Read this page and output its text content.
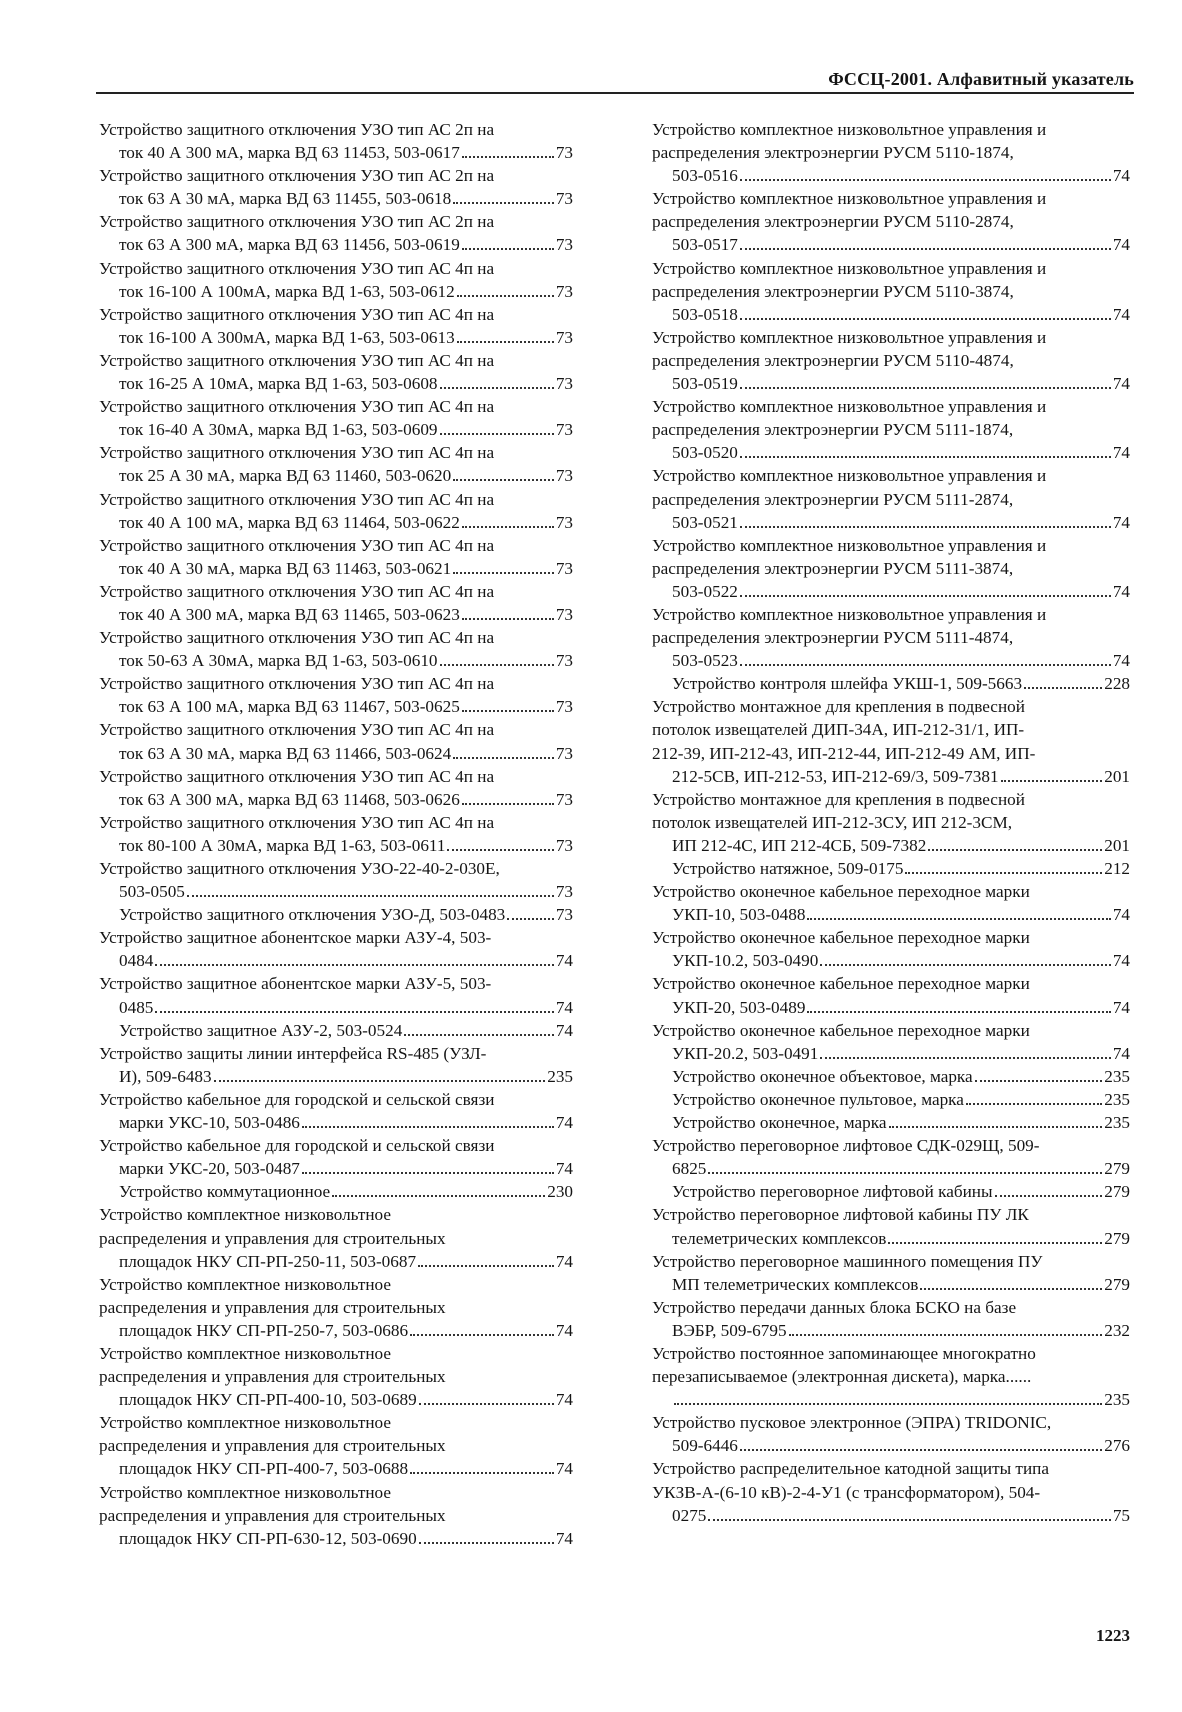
ФССЦ-2001. Алфавитный указатель
Устройство защитного отключения УЗО тип АС 2п на
ток 40 А 300 мА, марка ВД 63 11453, 503-0617	73
Устройство защитного отключения УЗО тип АС 2п на
ток 63 А 30 мА, марка ВД 63 11455, 503-0618	73
Устройство защитного отключения УЗО тип АС 2п на
ток 63 А 300 мА, марка ВД 63 11456, 503-0619	73
Устройство защитного отключения УЗО тип АС 4п на
ток 16-100 А 100мА, марка ВД 1-63, 503-0612	73
Устройство защитного отключения УЗО тип АС 4п на
ток 16-100 А 300мА, марка ВД 1-63, 503-0613	73
Устройство защитного отключения УЗО тип АС 4п на
ток 16-25 А 10мА, марка ВД 1-63, 503-0608	73
Устройство защитного отключения УЗО тип АС 4п на
ток 16-40 А 30мА, марка ВД 1-63, 503-0609	73
Устройство защитного отключения УЗО тип АС 4п на
ток 25 А 30 мА, марка ВД 63 11460, 503-0620	73
Устройство защитного отключения УЗО тип АС 4п на
ток 40 А 100 мА, марка ВД 63 11464, 503-0622	73
Устройство защитного отключения УЗО тип АС 4п на
ток 40 А 30 мА, марка ВД 63 11463, 503-0621	73
Устройство защитного отключения УЗО тип АС 4п на
ток 40 А 300 мА, марка ВД 63 11465, 503-0623	73
Устройство защитного отключения УЗО тип АС 4п на
ток 50-63 А 30мА, марка ВД 1-63, 503-0610	73
Устройство защитного отключения УЗО тип АС 4п на
ток 63 А 100 мА, марка ВД 63 11467, 503-0625	73
Устройство защитного отключения УЗО тип АС 4п на
ток 63 А 30 мА, марка ВД 63 11466, 503-0624	73
Устройство защитного отключения УЗО тип АС 4п на
ток 63 А 300 мА, марка ВД 63 11468, 503-0626	73
Устройство защитного отключения УЗО тип АС 4п на
ток 80-100 А 30мА, марка ВД 1-63, 503-0611	73
Устройство защитного отключения УЗО-22-40-2-030Е,
503-0505	73
Устройство защитного отключения УЗО-Д, 503-0483	73
Устройство защитное абонентское марки АЗУ-4, 503-
0484	74
Устройство защитное абонентское марки АЗУ-5, 503-
0485	74
Устройство защитное АЗУ-2, 503-0524	74
Устройство защиты линии интерфейса RS-485 (УЗЛ-
И), 509-6483	235
Устройство кабельное для городской и сельской связи
марки УКС-10, 503-0486	74
Устройство кабельное для городской и сельской связи
марки УКС-20, 503-0487	74
Устройство коммутационное	230
Устройство комплектное низковольтное
распределения и управления для строительных
площадок НКУ СП-РП-250-11, 503-0687	74
Устройство комплектное низковольтное
распределения и управления для строительных
площадок НКУ СП-РП-250-7, 503-0686	74
Устройство комплектное низковольтное
распределения и управления для строительных
площадок НКУ СП-РП-400-10, 503-0689	74
Устройство комплектное низковольтное
распределения и управления для строительных
площадок НКУ СП-РП-400-7, 503-0688	74
Устройство комплектное низковольтное
распределения и управления для строительных
площадок НКУ СП-РП-630-12, 503-0690	74
Устройство комплектное низковольтное управления и
распределения электроэнергии РУСМ 5110-1874,
503-0516	74
Устройство комплектное низковольтное управления и
распределения электроэнергии РУСМ 5110-2874,
503-0517	74
Устройство комплектное низковольтное управления и
распределения электроэнергии РУСМ 5110-3874,
503-0518	74
Устройство комплектное низковольтное управления и
распределения электроэнергии РУСМ 5110-4874,
503-0519	74
Устройство комплектное низковольтное управления и
распределения электроэнергии РУСМ 5111-1874,
503-0520	74
Устройство комплектное низковольтное управления и
распределения электроэнергии РУСМ 5111-2874,
503-0521	74
Устройство комплектное низковольтное управления и
распределения электроэнергии РУСМ 5111-3874,
503-0522	74
Устройство комплектное низковольтное управления и
распределения электроэнергии РУСМ 5111-4874,
503-0523	74
Устройство контроля шлейфа УКШ-1, 509-5663	228
Устройство монтажное для крепления в подвесной
потолок извещателей ДИП-34А, ИП-212-31/1, ИП-
212-39, ИП-212-43, ИП-212-44, ИП-212-49 АМ, ИП-
212-5СВ, ИП-212-53, ИП-212-69/3, 509-7381	201
Устройство монтажное для крепления в подвесной
потолок извещателей ИП-212-3СУ, ИП 212-3СМ,
ИП 212-4С, ИП 212-4СБ, 509-7382	201
Устройство натяжное, 509-0175	212
Устройство оконечное кабельное переходное марки
УКП-10, 503-0488	74
Устройство оконечное кабельное переходное марки
УКП-10.2, 503-0490	74
Устройство оконечное кабельное переходное марки
УКП-20, 503-0489	74
Устройство оконечное кабельное переходное марки
УКП-20.2, 503-0491	74
Устройство оконечное объектовое, марка	235
Устройство оконечное пультовое, марка	235
Устройство оконечное, марка	235
Устройство переговорное лифтовое СДК-029Щ, 509-
6825	279
Устройство переговорное лифтовой кабины	279
Устройство переговорное лифтовой кабины ПУ ЛК
телеметрических комплексов	279
Устройство переговорное машинного помещения ПУ
МП телеметрических комплексов	279
Устройство передачи данных блока БСКО на базе
ВЭБР, 509-6795	232
Устройство постоянное запоминающее многократно
перезаписываемое (электронная дискета), марка......
235
Устройство пусковое электронное (ЭПРА) TRIDONIC,
509-6446	276
Устройство распределительное катодной защиты типа
УКЗВ-А-(6-10 кВ)-2-4-У1 (с трансформатором), 504-
0275	75
1223
